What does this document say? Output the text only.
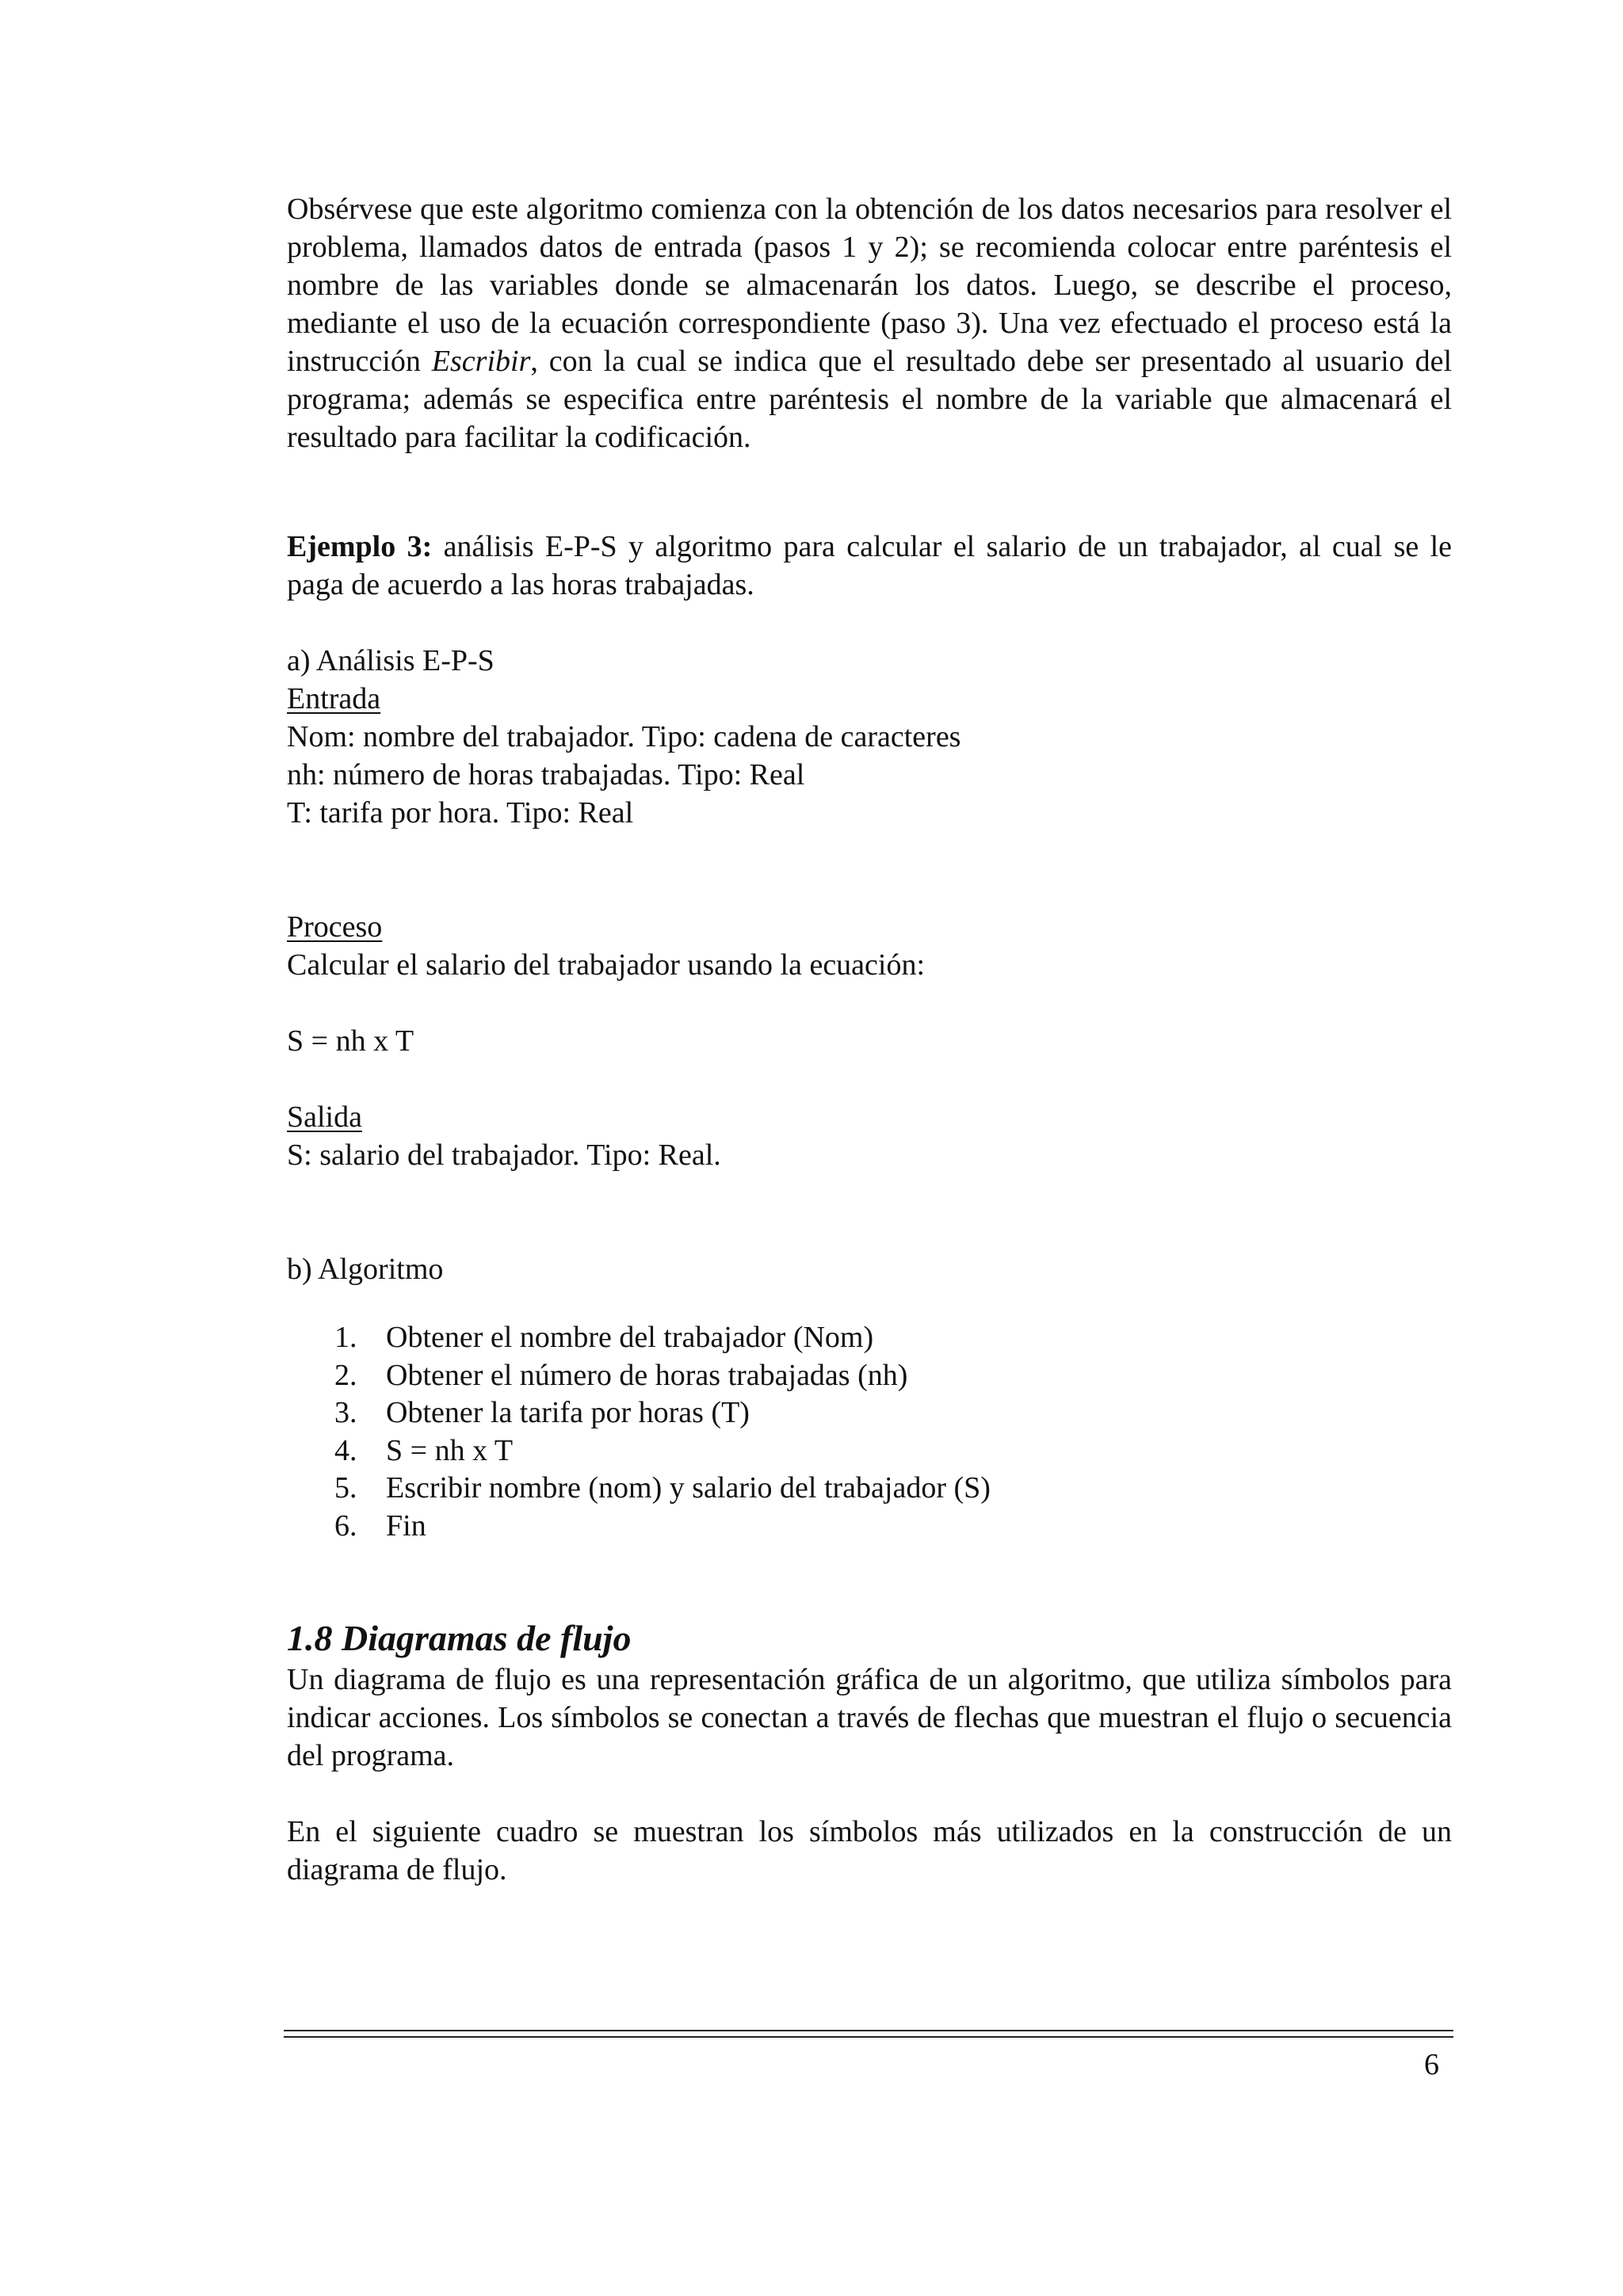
Obsérvese que este algoritmo comienza con la obtención de los datos necesarios para resolver el problema, llamados datos de entrada (pasos 1 y 2); se recomienda colocar entre paréntesis el nombre de las variables donde se almacenarán los datos. Luego, se describe el proceso, mediante el uso de la ecuación correspondiente (paso 3). Una vez efectuado el proceso está la instrucción Escribir, con la cual se indica que el resultado debe ser presentado al usuario del programa; además se especifica entre paréntesis el nombre de la variable que almacenará el resultado para facilitar la codificación.

Ejemplo 3: análisis E-P-S y algoritmo para calcular el salario de un trabajador, al cual se le paga de acuerdo a las horas trabajadas.

a) Análisis E-P-S

Entrada

Nom: nombre del trabajador. Tipo: cadena de caracteres

nh: número de horas trabajadas. Tipo: Real

T: tarifa por hora. Tipo: Real

Proceso

Calcular el salario del trabajador usando la ecuación:

S = nh x T

Salida

S: salario del trabajador. Tipo: Real.

b) Algoritmo

1. Obtener el nombre del trabajador (Nom)
2. Obtener el número de horas trabajadas (nh)
3. Obtener la tarifa por horas (T)
4. S = nh x T
5. Escribir nombre (nom) y salario del trabajador (S)
6. Fin
1.8 Diagramas de flujo

Un diagrama de flujo es una representación gráfica de un algoritmo, que utiliza símbolos para indicar acciones. Los símbolos se conectan a través de flechas que muestran el flujo o secuencia del programa.

En el siguiente cuadro se muestran los símbolos más utilizados en la construcción de un diagrama de flujo.

6
